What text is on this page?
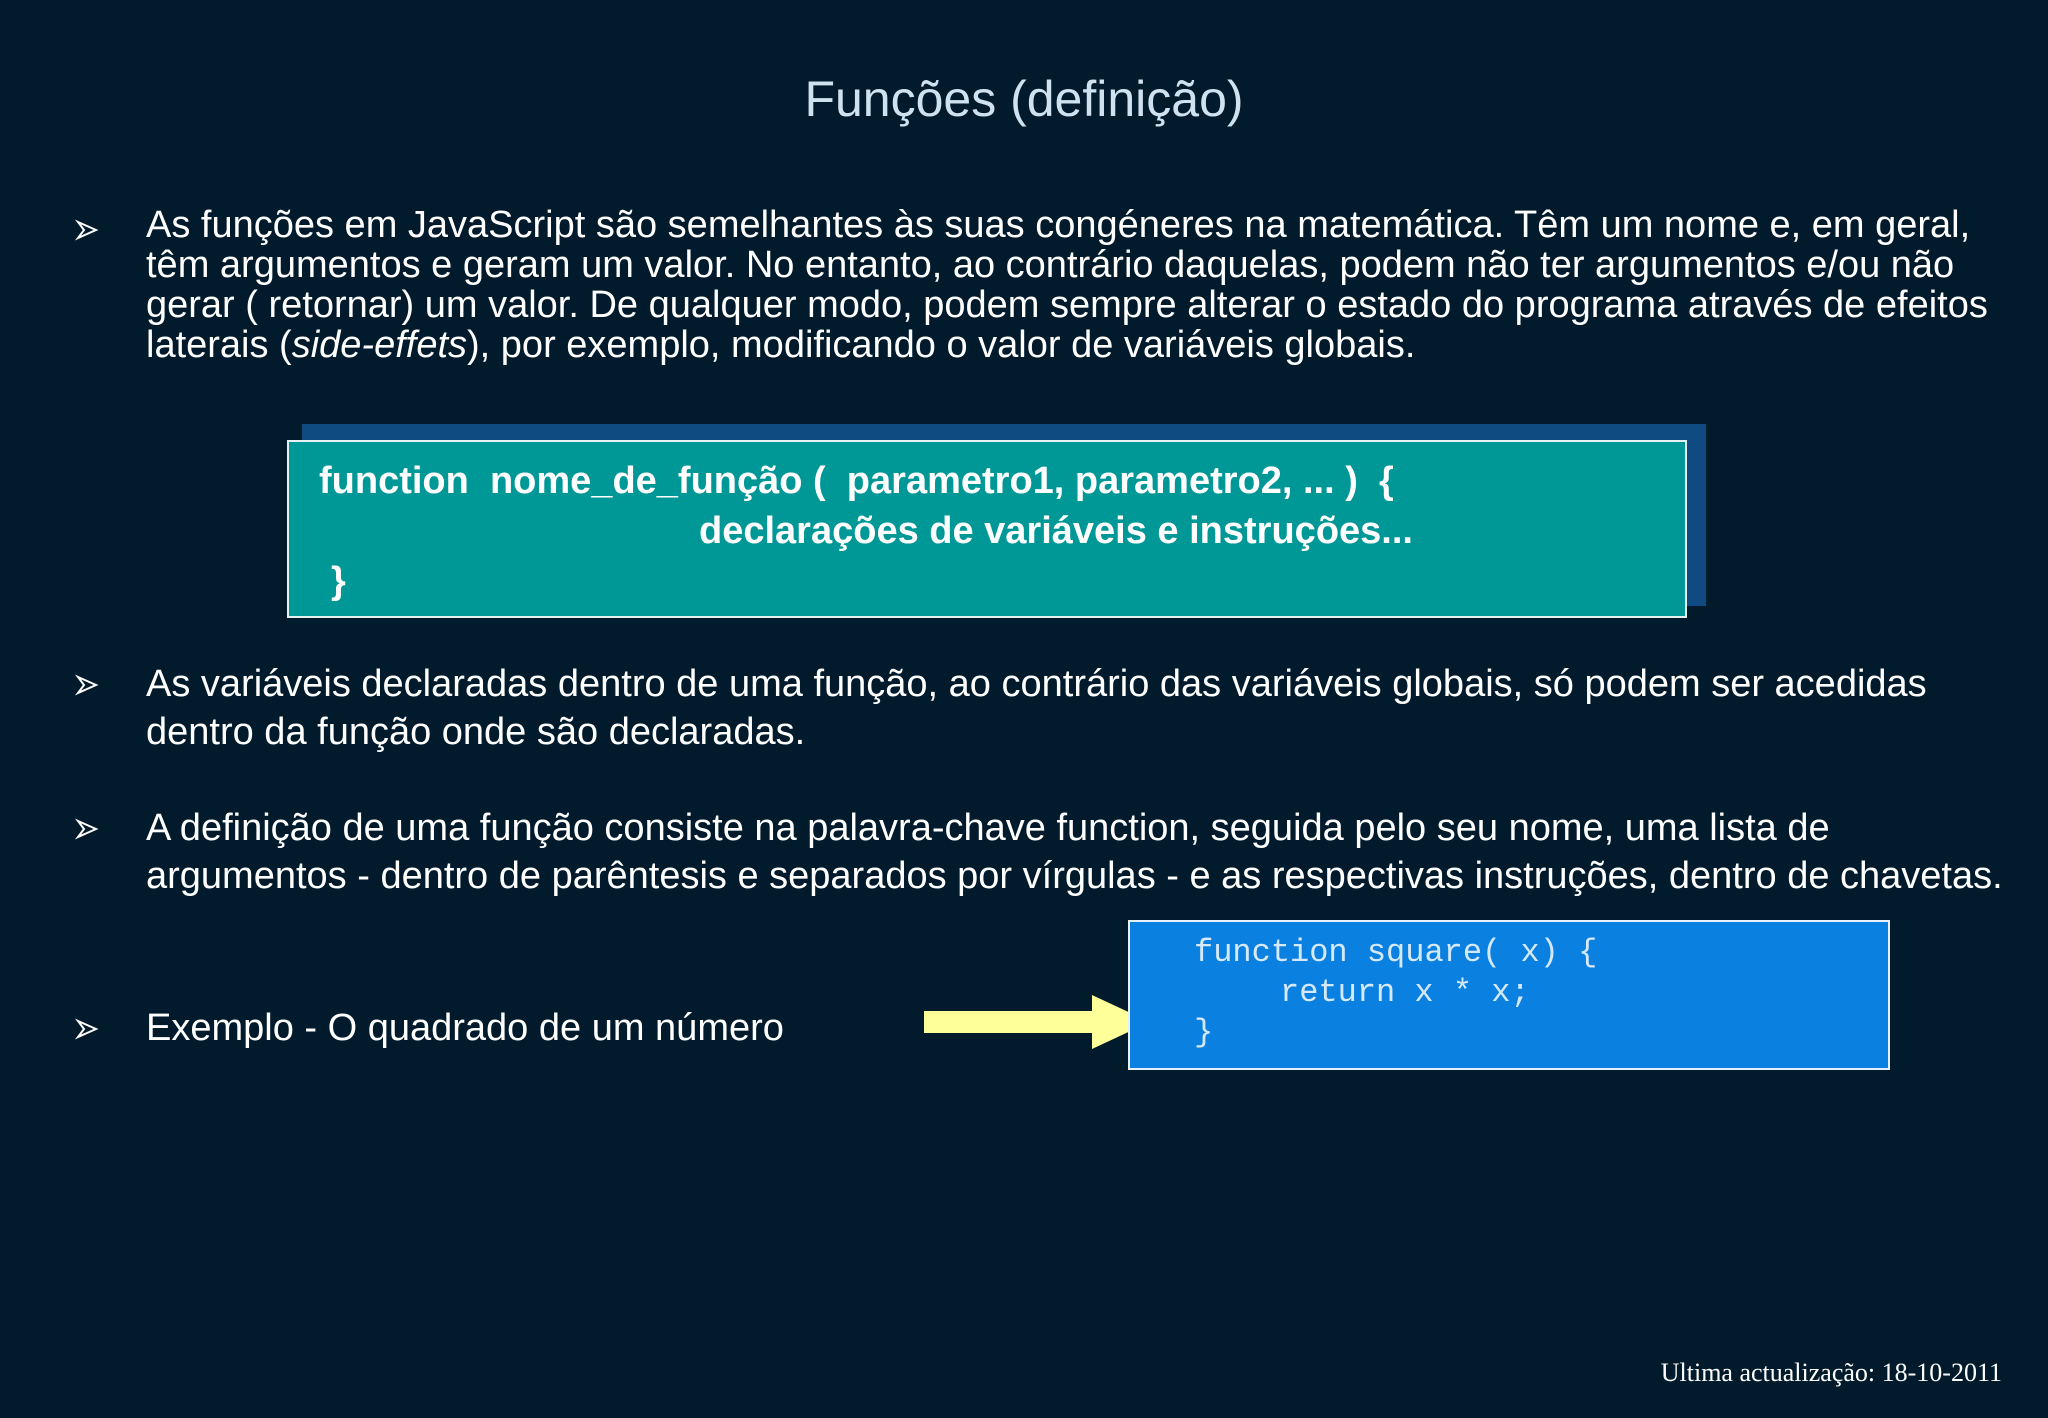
Funções (definição)
As funções em JavaScript são semelhantes às suas congéneres na matemática. Têm um nome e, em geral, têm argumentos e geram um valor. No entanto, ao contrário daquelas, podem não ter argumentos e/ou não gerar ( retornar) um valor. De qualquer modo, podem sempre alterar o estado do programa através de efeitos laterais (side-effets), por exemplo, modificando o valor de variáveis globais.
function  nome_de_função (  parametro1, parametro2, ... )  {
declarações de variáveis e instruções...
}
As variáveis declaradas dentro de uma função, ao contrário das variáveis globais, só podem ser acedidas dentro da função onde são declaradas.
A definição de uma função consiste na palavra-chave function, seguida pelo seu nome, uma lista de argumentos - dentro de parêntesis e separados por vírgulas - e as respectivas instruções, dentro de chavetas.
Exemplo - O quadrado de um número
function square( x) {
return x * x;
}
Ultima actualização: 18-10-2011
